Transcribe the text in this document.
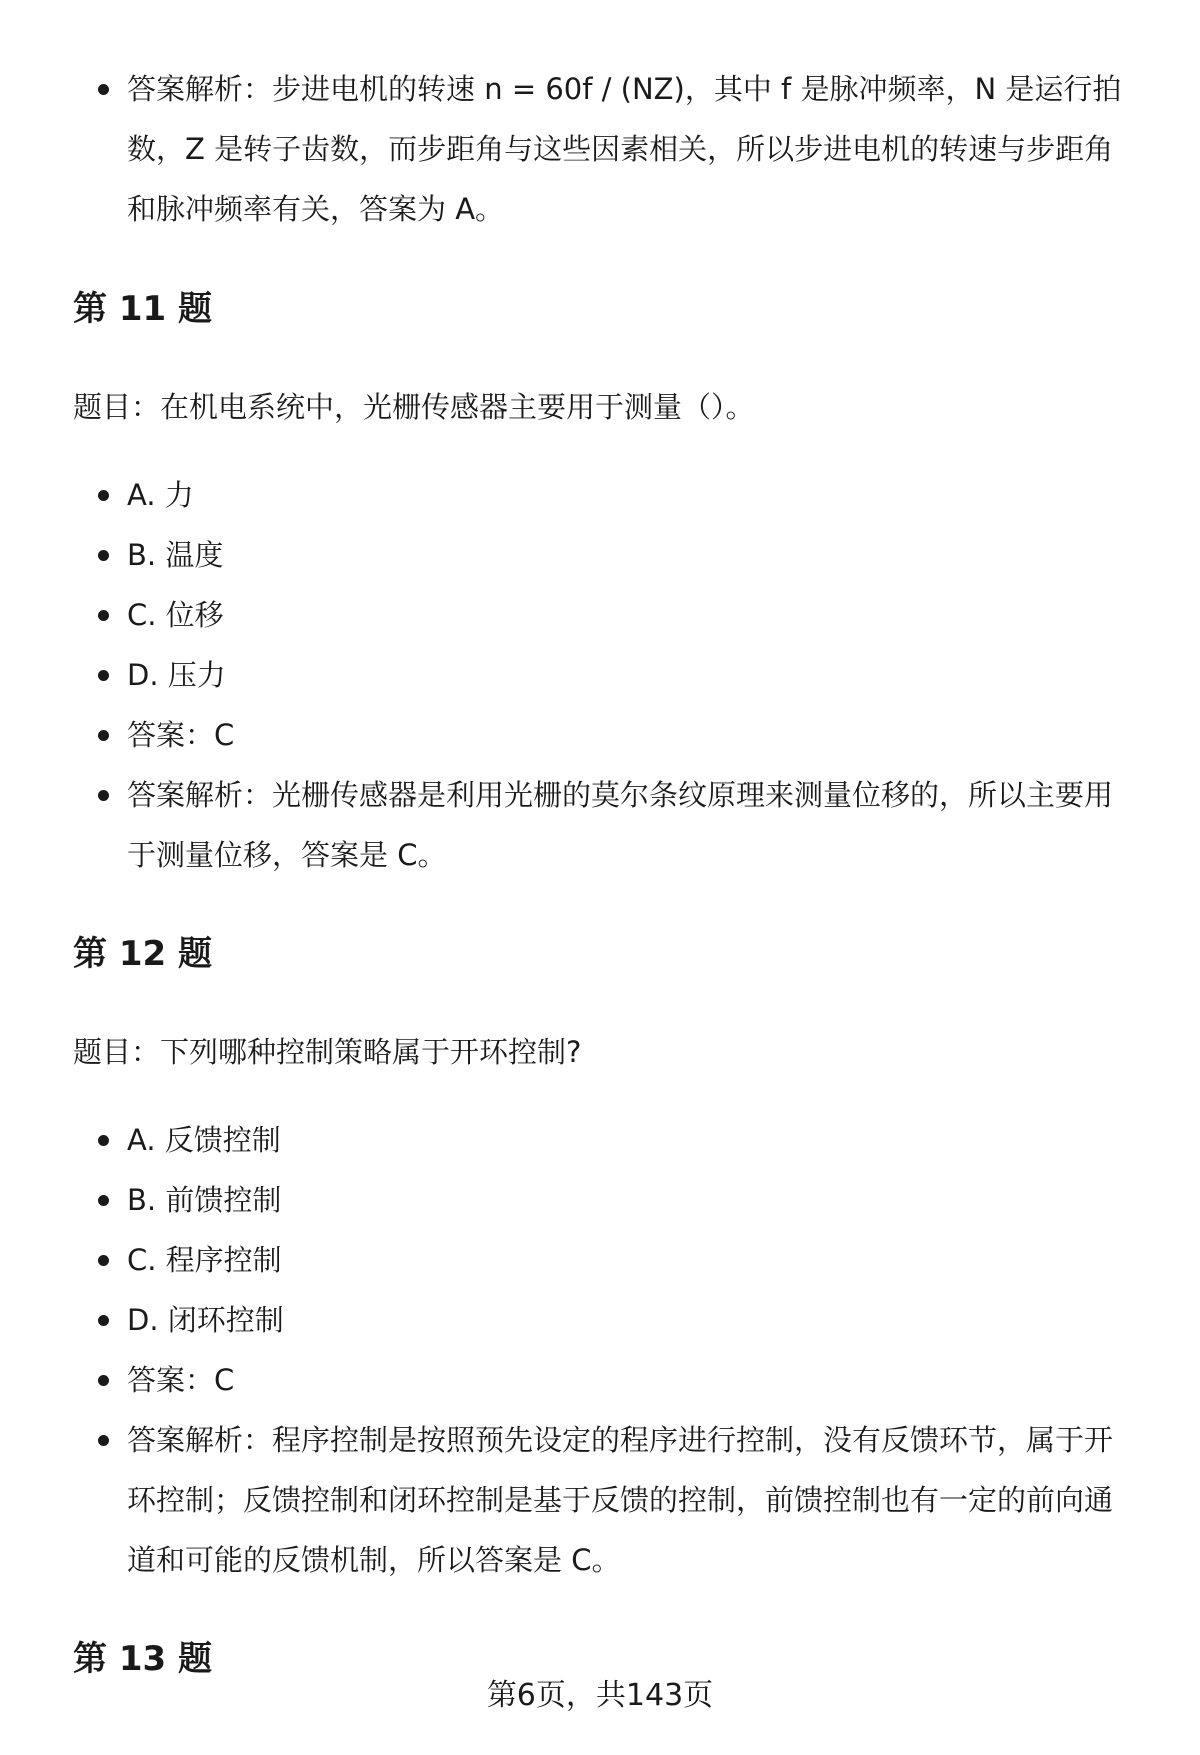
答案解析：步进电机的转速 n = 60f / (NZ)，其中 f 是脉冲频率，N 是运行拍数，Z 是转子齿数，而步距角与这些因素相关，所以步进电机的转速与步距角和脉冲频率有关，答案为 A。
第 11 题

题目：在机电系统中，光栅传感器主要用于测量（）。

A. 力
B. 温度
C. 位移
D. 压力
答案：C
答案解析：光栅传感器是利用光栅的莫尔条纹原理来测量位移的，所以主要用于测量位移，答案是 C。
第 12 题

题目：下列哪种控制策略属于开环控制?

A. 反馈控制
B. 前馈控制
C. 程序控制
D. 闭环控制
答案：C
答案解析：程序控制是按照预先设定的程序进行控制，没有反馈环节，属于开环控制；反馈控制和闭环控制是基于反馈的控制，前馈控制也有一定的前向通道和可能的反馈机制，所以答案是 C。
第 13 题
第6页，共143页
